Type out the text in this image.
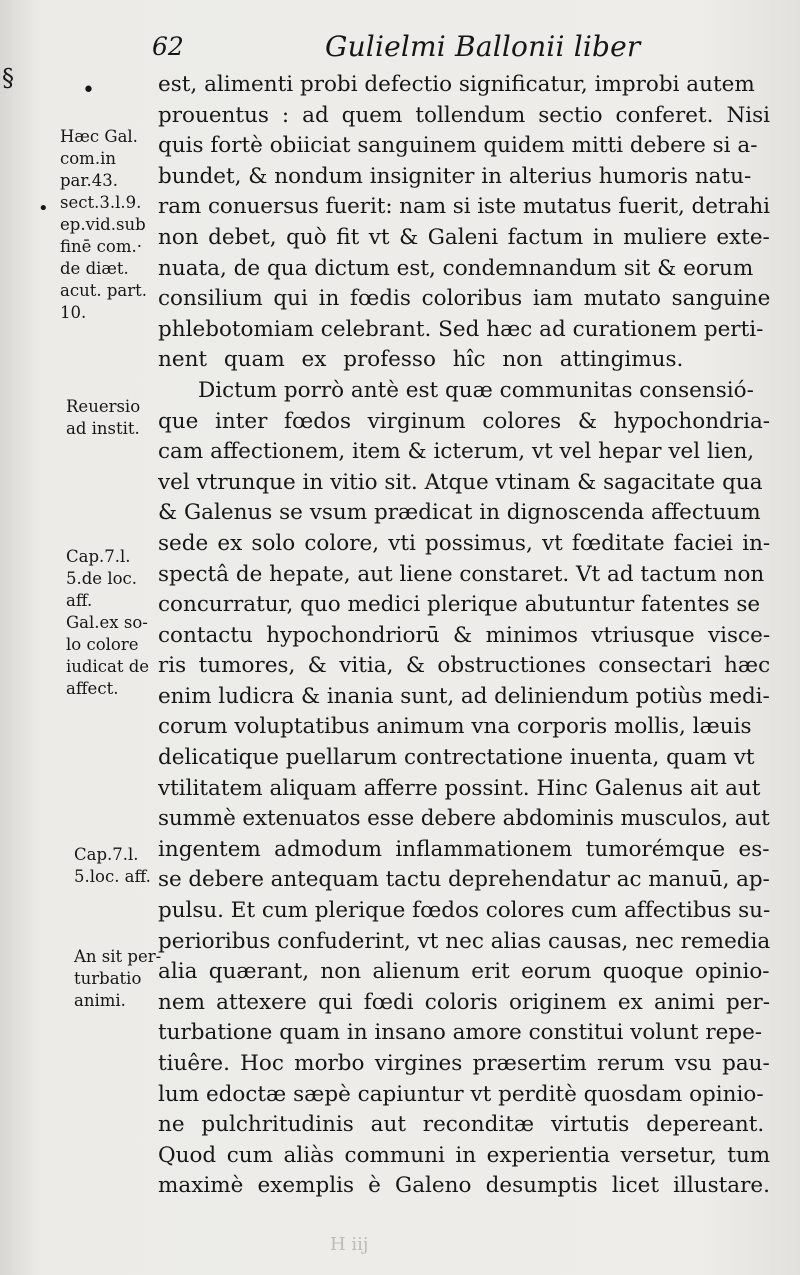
§	•
•
62	Gulielmi Ballonii liber
Hæc Gal.
com.in
par.43.
sect.3.l.9.
ep.vid.sub
finē com.·
de diæt.
acut. part.
10.
Reuersio
ad instit.
Cap.7.l.
5.de loc.
aff.
Gal.ex so-
lo colore
iudicat de
affect.
Cap.7.l.
5.loc. aff.
An sit per-
turbatio
animi.
est, alimenti probi defectio significatur, improbi autem
prouentus : ad quem tollendum sectio conferet. Nisi
quis fortè obiiciat sanguinem quidem mitti debere si a-
bundet, & nondum insigniter in alterius humoris natu-
ram conuersus fuerit: nam si iste mutatus fuerit, detrahi
non debet, quò fit vt & Galeni factum in muliere exte-
nuata, de qua dictum est, condemnandum sit & eorum
consilium qui in fœdis coloribus iam mutato sanguine
phlebotomiam celebrant. Sed hæc ad curationem perti-
nent quam ex professo hîc non attingimus.
Dictum porrò antè est quæ communitas consensió-
que inter fœdos virginum colores & hypochondria-
cam affectionem, item & icterum, vt vel hepar vel lien,
vel vtrunque in vitio sit. Atque vtinam & sagacitate qua
& Galenus se vsum prædicat in dignoscenda affectuum
sede ex solo colore, vti possimus, vt fœditate faciei in-
spectâ de hepate, aut liene constaret. Vt ad tactum non
concurratur, quo medici plerique abutuntur fatentes se
contactu hypochondriorū & minimos vtriusque visce-
ris tumores, & vitia, & obstructiones consectari hæc
enim ludicra & inania sunt, ad deliniendum potiùs medi-
corum voluptatibus animum vna corporis mollis, læuis
delicatique puellarum contrectatione inuenta, quam vt
vtilitatem aliquam afferre possint. Hinc Galenus ait aut
summè extenuatos esse debere abdominis musculos, aut
ingentem admodum inflammationem tumorémque es-
se debere antequam tactu deprehendatur ac manuū, ap-
pulsu. Et cum plerique fœdos colores cum affectibus su-
perioribus confuderint, vt nec alias causas, nec remedia
alia quærant, non alienum erit eorum quoque opinio-
nem attexere qui fœdi coloris originem ex animi per-
turbatione quam in insano amore constitui volunt repe-
tiuêre. Hoc morbo virgines præsertim rerum vsu pau-
lum edoctæ sæpè capiuntur vt perditè quosdam opinio-
ne pulchritudinis aut reconditæ virtutis depereant.
Quod cum aliàs communi in experientia versetur, tum
maximè exemplis è Galeno desumptis licet illustare.
H iij
